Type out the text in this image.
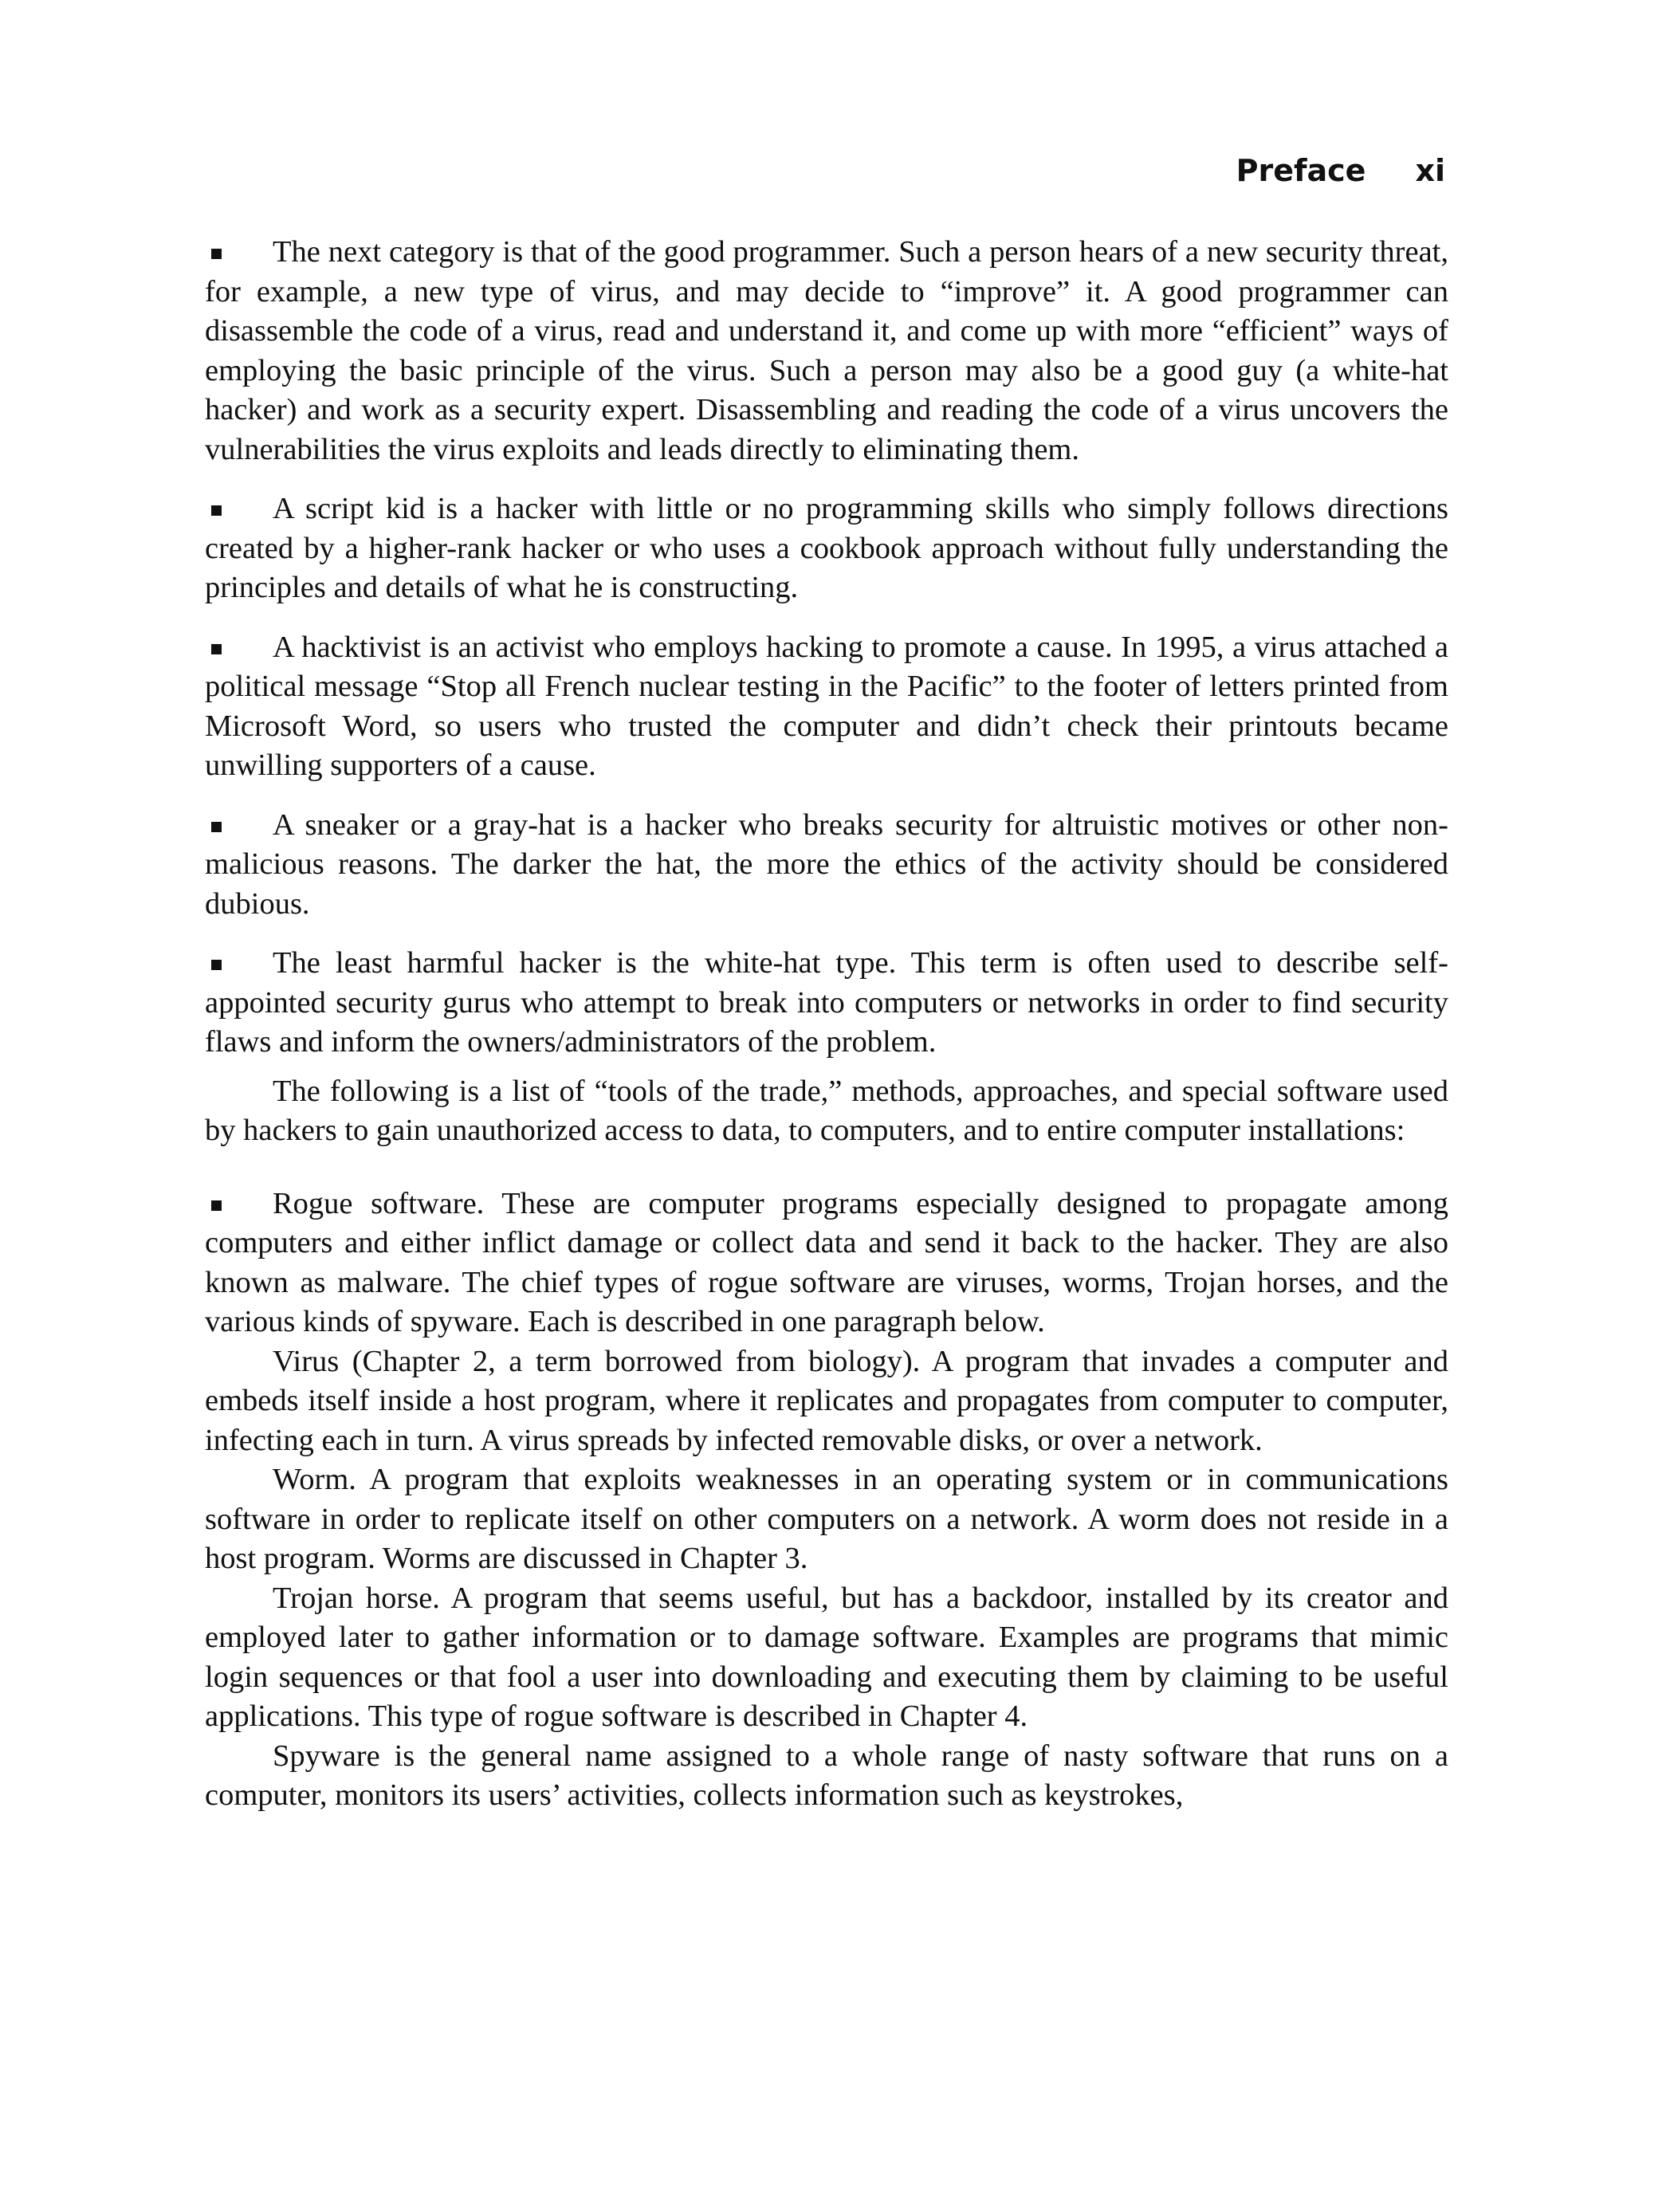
Preface xi

The next category is that of the good programmer. Such a person hears of a new security threat, for example, a new type of virus, and may decide to “improve” it. A good programmer can disassemble the code of a virus, read and understand it, and come up with more “efficient” ways of employing the basic principle of the virus. Such a person may also be a good guy (a white-hat hacker) and work as a security expert. Disassembling and reading the code of a virus uncovers the vulnerabilities the virus exploits and leads directly to eliminating them.

A script kid is a hacker with little or no programming skills who simply follows directions created by a higher-rank hacker or who uses a cookbook approach without fully understanding the principles and details of what he is constructing.

A hacktivist is an activist who employs hacking to promote a cause. In 1995, a virus attached a political message “Stop all French nuclear testing in the Pacific” to the footer of letters printed from Microsoft Word, so users who trusted the computer and didn’t check their printouts became unwilling supporters of a cause.

A sneaker or a gray-hat is a hacker who breaks security for altruistic motives or other non-malicious reasons. The darker the hat, the more the ethics of the activity should be considered dubious.

The least harmful hacker is the white-hat type. This term is often used to describe self-appointed security gurus who attempt to break into computers or networks in order to find security flaws and inform the owners/administrators of the problem.

The following is a list of “tools of the trade,” methods, approaches, and special software used by hackers to gain unauthorized access to data, to computers, and to entire computer installations:

Rogue software. These are computer programs especially designed to propagate among computers and either inflict damage or collect data and send it back to the hacker. They are also known as malware. The chief types of rogue software are viruses, worms, Trojan horses, and the various kinds of spyware. Each is described in one paragraph below.

Virus (Chapter 2, a term borrowed from biology). A program that invades a computer and embeds itself inside a host program, where it replicates and propagates from computer to computer, infecting each in turn. A virus spreads by infected removable disks, or over a network.

Worm. A program that exploits weaknesses in an operating system or in communications software in order to replicate itself on other computers on a network. A worm does not reside in a host program. Worms are discussed in Chapter 3.

Trojan horse. A program that seems useful, but has a backdoor, installed by its creator and employed later to gather information or to damage software. Examples are programs that mimic login sequences or that fool a user into downloading and executing them by claiming to be useful applications. This type of rogue software is described in Chapter 4.

Spyware is the general name assigned to a whole range of nasty software that runs on a computer, monitors its users’ activities, collects information such as keystrokes,
